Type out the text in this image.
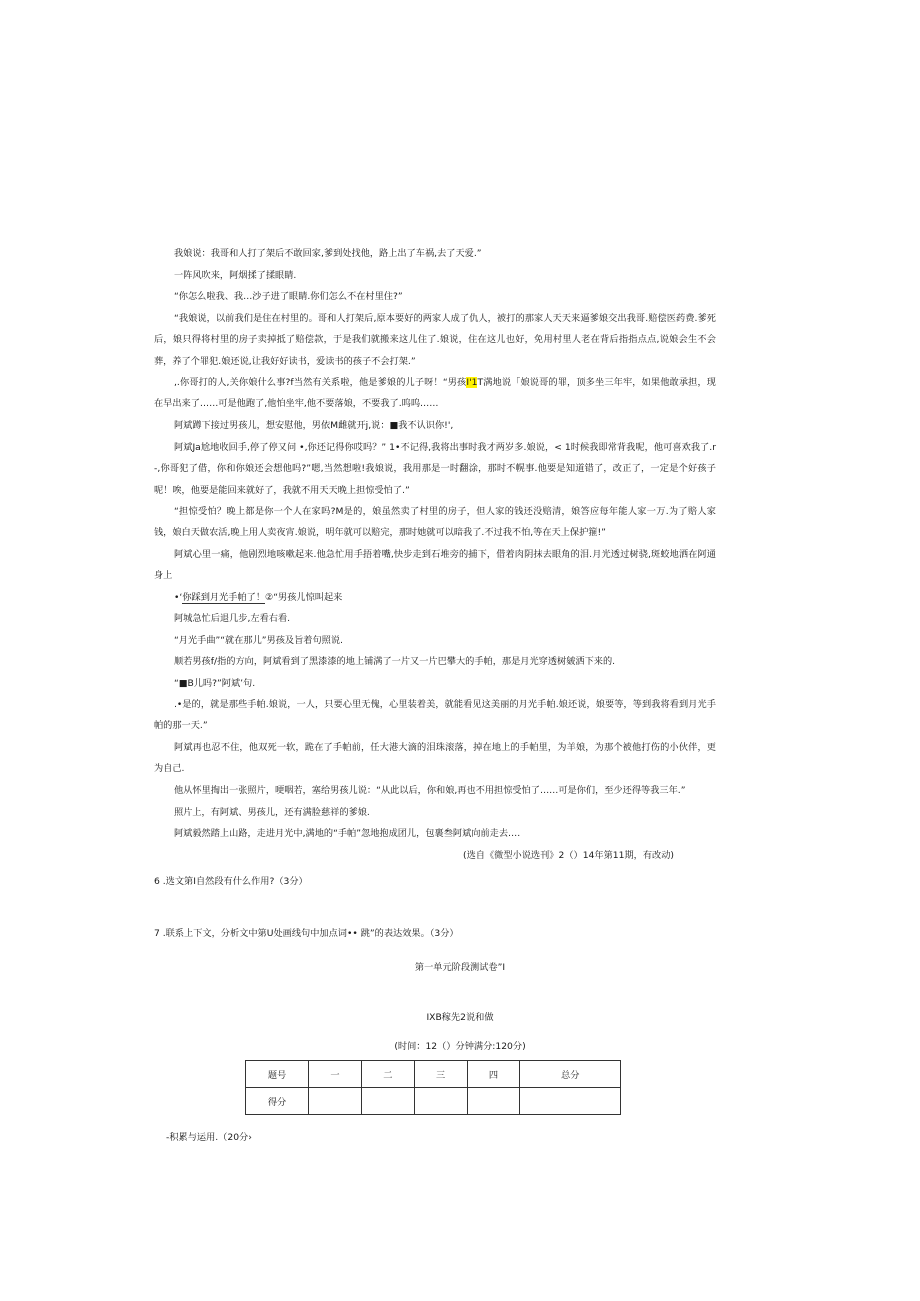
我娘说：我哥和人打了架后不敢回家,爹到处找他，路上出了车祸,去了天爱.”

一阵风吹来，阿烟揉了揉眼睛.

“你怎么啦我、我…沙子进了眼睛.你们怎么不在村里住?”

“我娘说，以前我们是住在村里的。哥和人打架后,原本要好的两家人成了仇人，被打的那家人天天来逼爹娘交出我哥.赔偿医药费.爹死后，娘只得将村里的房子卖掉抵了赔偿款，于是我们就搬来这儿住了.娘说，住在这儿也好，免用村里人老在背后指指点点,说娘会生不会葬，养了个罪犯.娘还说,让我好好读书，爱读书的孩子不会打架.”

,.你哥打的人,关你娘什么事?f当然有关系啦，他是爹娘的儿子呀！“男孩I'1T满地说「娘说哥的罪，顶多坐三年牢，如果他敢承担，现在早出来了……可是他跑了,他怕坐牢,他不要落娘，不要我了.呜呜……

阿斌蹲下接过男孩儿，想安慰他，男依M雌就开j,说：■我不认识你!',

阿斌Ja尬地收回手,停了停又问 •,你还记得你哎吗？” 1•不记得,我将出事时我才两岁多.娘说，< 1时候我即常背我呢，他可喜欢我了.r-,你哥犯了借，你和你娘还会想他吗?”嗯,当然想啦!我娘说，我用那是一时翻涂，那时不幌事.他要是知道错了，改正了，一定是个好孩子呢！唉，他要是能回来就好了，我就不用天天晚上担惊受怕了.”

“担惊受怕？晚上都是你一个人在家吗?M是的，娘虽然卖了村里的房子，但人家的钱还没赔清，娘答应每年能人家一万.为了赔人家钱，娘白天做农活,晚上用人卖夜宵.娘说，明年就可以赔完，那时她就可以暗我了.不过我不怕,等在天上保护箍!”

阿斌心里一痛，他剧烈地咳嗽起来.他急忙用手捂着嘴,快步走到石堆旁的捕下，借着肉阴抹去眼角的泪.月光透过树骁,斑蛟地洒在阿通身上

•‘你踩到月光手帕了！②“男孩儿惊叫起来

阿城急忙后退几步,左看右看.

“月光手曲”“就在那儿”男孩及旨着句照说.

顺若男孩f/指的方向，阿斌看到了黑漆漆的地上铺满了一片又一片巴攀大的手帕，那是月光穿透树皴洒下来的.

“■B儿吗?”阿斌’句.

.•是的，就是那些手帕.娘说，一人，只要心里无傀，心里装着美，就能看见这美丽的月光手帕.娘还说，娘要等，等到我将看到月光手帕的那一天.”

阿斌再也忍不住，他双死一软，跪在了手帕前，任大港大滴的泪珠滚落，掉在地上的手帕里，为羊娘，为那个被他打伤的小伙伴，更为自己.

他从怀里掏出一张照片，哽咽若，塞给男孩儿说：“从此以后，你和娘,再也不用担惊受怕了……可是你们，至少还得等我三年.”

照片上，有阿斌、男孩儿，还有满脸慈祥的爹娘.

阿斌毅然踏上山路，走进月光中,满地的“手帕”忽地抱成团儿，包裹叁阿斌向前走去….

(选自《微型小说选刊》2（）14年第11期，有改动)

6 .选文第I自然段有什么作用?（3分）

7 .联系上下文，分析文中第U处画线句中加点词•• 跳”的表达效果。（3分）

第一单元阶段测试卷”I

IXB稼先2说和做

(时间：12（）分钟满分:120分)

题号	一	二	三	四	总分
得分					

-积累与运用.（20分›
